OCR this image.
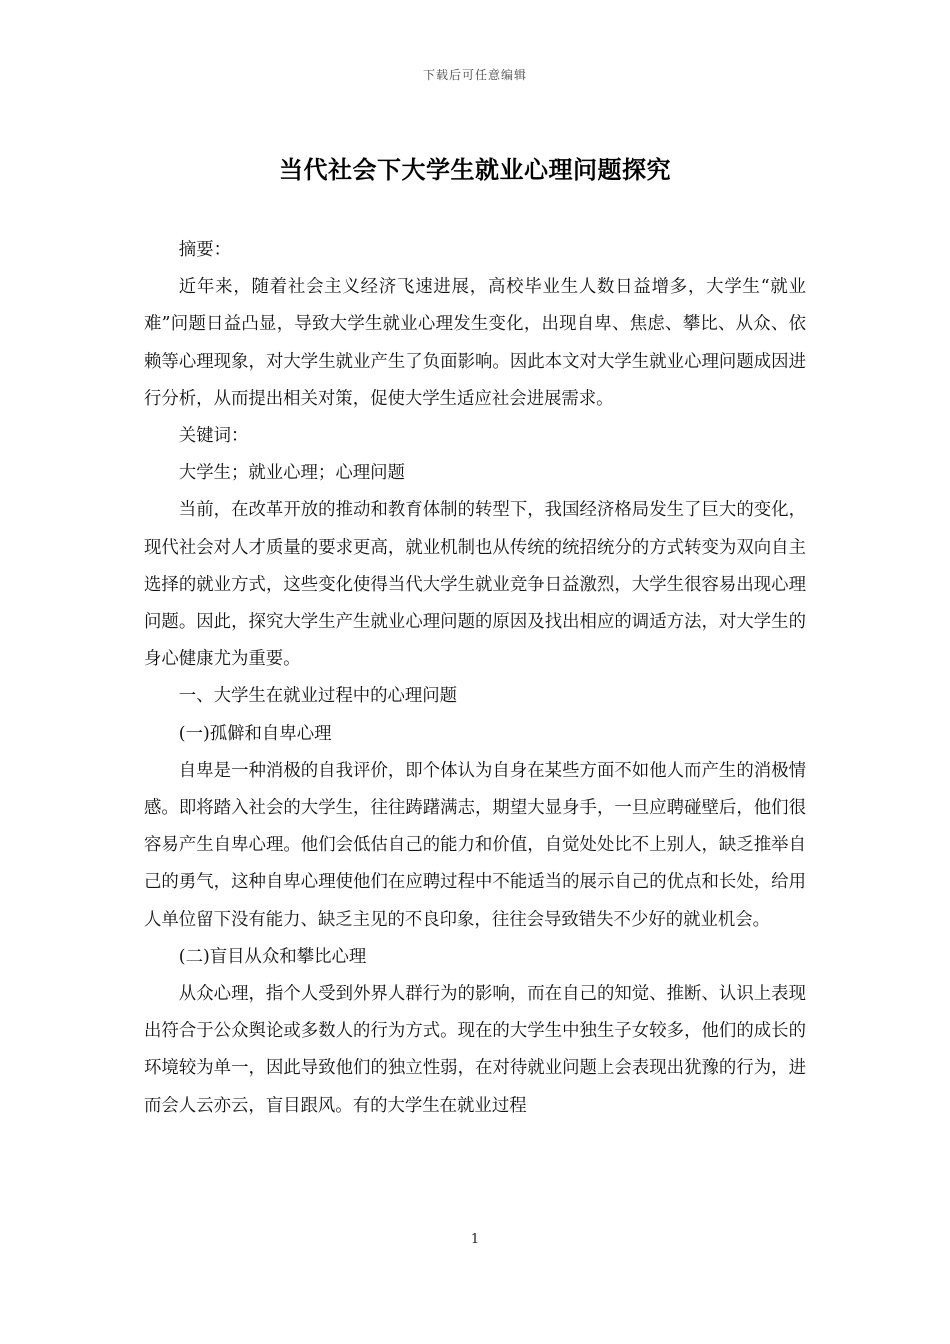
下载后可任意编辑
当代社会下大学生就业心理问题探究

摘要：

近年来，随着社会主义经济飞速进展，高校毕业生人数日益增多，大学生“就业难”问题日益凸显，导致大学生就业心理发生变化，出现自卑、焦虑、攀比、从众、依赖等心理现象，对大学生就业产生了负面影响。因此本文对大学生就业心理问题成因进行分析，从而提出相关对策，促使大学生适应社会进展需求。

关键词：

大学生；就业心理；心理问题

当前，在改革开放的推动和教育体制的转型下，我国经济格局发生了巨大的变化，现代社会对人才质量的要求更高，就业机制也从传统的统招统分的方式转变为双向自主选择的就业方式，这些变化使得当代大学生就业竞争日益激烈，大学生很容易出现心理问题。因此，探究大学生产生就业心理问题的原因及找出相应的调适方法，对大学生的身心健康尤为重要。

一、大学生在就业过程中的心理问题

(一)孤僻和自卑心理

自卑是一种消极的自我评价，即个体认为自身在某些方面不如他人而产生的消极情感。即将踏入社会的大学生，往往踌躇满志，期望大显身手，一旦应聘碰壁后，他们很容易产生自卑心理。他们会低估自己的能力和价值，自觉处处比不上别人，缺乏推举自己的勇气，这种自卑心理使他们在应聘过程中不能适当的展示自己的优点和长处，给用人单位留下没有能力、缺乏主见的不良印象，往往会导致错失不少好的就业机会。

(二)盲目从众和攀比心理

从众心理，指个人受到外界人群行为的影响，而在自己的知觉、推断、认识上表现出符合于公众舆论或多数人的行为方式。现在的大学生中独生子女较多，他们的成长的环境较为单一，因此导致他们的独立性弱，在对待就业问题上会表现出犹豫的行为，进而会人云亦云，盲目跟风。有的大学生在就业过程

1
